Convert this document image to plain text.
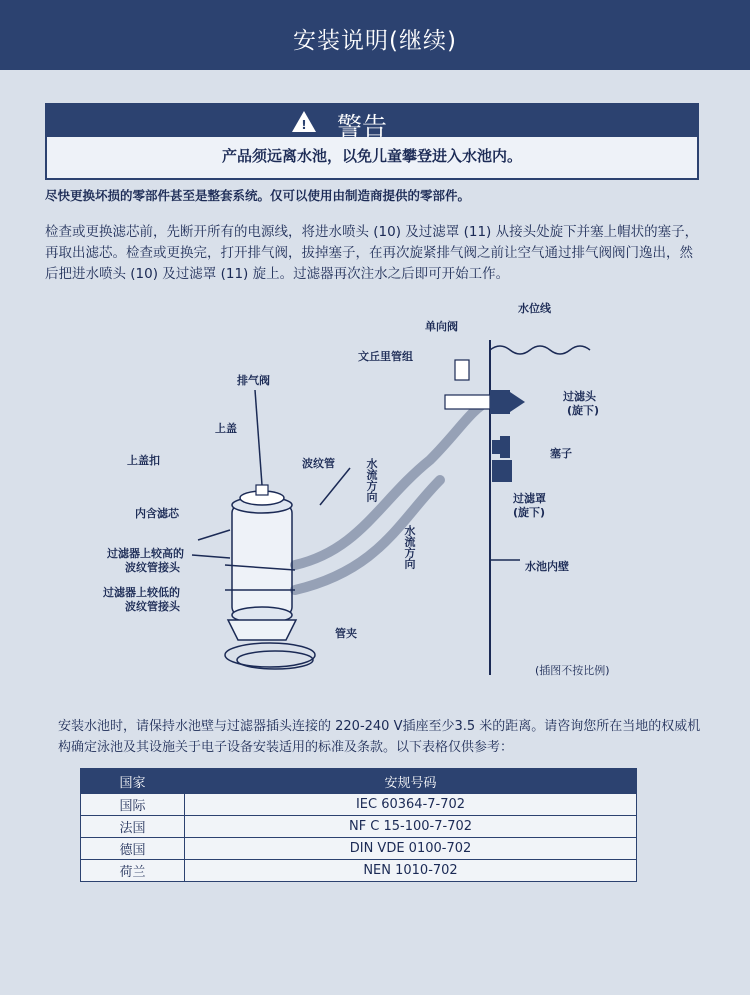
安装说明(继续)
! 警告
产品须远离水池，以免儿童攀登进入水池内。
尽快更换坏损的零部件甚至是整套系统。仅可以使用由制造商提供的零部件。
检查或更换滤芯前，先断开所有的电源线，将进水喷头 (10) 及过滤罩 (11) 从接头处旋下并塞上帽状的塞子，再取出滤芯。检查或更换完，打开排气阀，拔掉塞子，在再次旋紧排气阀之前让空气通过排气阀阀门逸出，然后把进水喷头 (10) 及过滤罩 (11) 旋上。过滤器再次注水之后即可开始工作。
单向阀
水位线
文丘里管组
排气阀
上盖
上盖扣	波纹管	水流方向
水流方向
过滤头
(旋下)
塞子
过滤罩
(旋下)
内含滤芯
过滤器上较高的
波纹管接头
过滤器上较低的
波纹管接头
管夹
水池内壁
(插图不按比例)
安装水池时，请保持水池壁与过滤器插头连接的 220-240 V插座至少3.5 米的距离。请咨询您所在当地的权威机构确定泳池及其设施关于电子设备安装适用的标准及条款。以下表格仅供参考：
国家	安规号码
国际	IEC 60364-7-702
法国	NF C 15-100-7-702
德国	DIN VDE 0100-702
荷兰	NEN 1010-702
